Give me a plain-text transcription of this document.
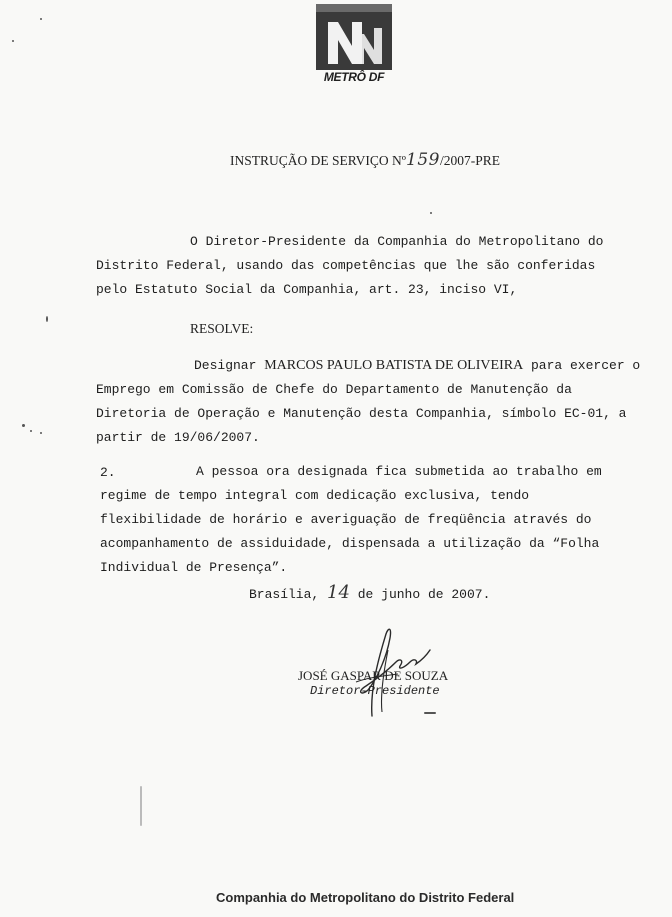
METRÔ DF
INSTRUÇÃO DE SERVIÇO Nº159/2007-PRE
O Diretor-Presidente da Companhia do Metropolitano do
Distrito Federal, usando das competências que lhe são conferidas
pelo Estatuto Social da Companhia, art. 23, inciso VI,
RESOLVE:
Designar MARCOS PAULO BATISTA DE OLIVEIRA para exercer o
Emprego em Comissão de Chefe do Departamento de Manutenção da
Diretoria de Operação e Manutenção desta Companhia, símbolo EC-01, a
partir de 19/06/2007.
2.	A pessoa ora designada fica submetida ao trabalho em
regime de tempo integral com dedicação exclusiva, tendo
flexibilidade de horário e averiguação de freqüência através do
acompanhamento de assiduidade, dispensada a utilização da “Folha
Individual de Presença”.
Brasília, 14 de junho de 2007.
JOSÉ GASPAR DE SOUZA
Diretor-Presidente
Companhia do Metropolitano do Distrito Federal
